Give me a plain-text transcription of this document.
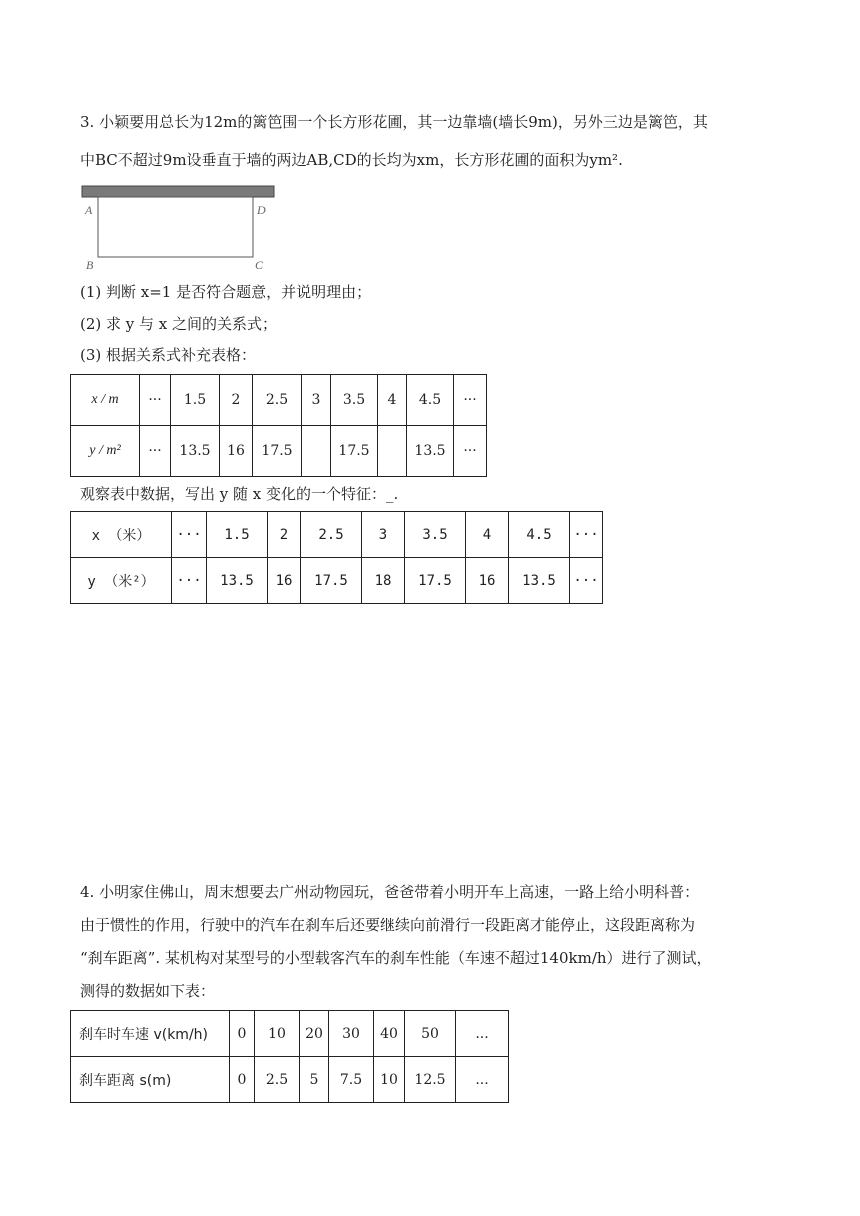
3. 小颖要用总长为12m的篱笆围一个长方形花圃，其一边靠墙(墙长9m)，另外三边是篱笆，其
中BC不超过9m设垂直于墙的两边AB,CD的长均为xm，长方形花圃的面积为ym².
A	D
B	C
(1) 判断 x=1 是否符合题意，并说明理由；
(2) 求 y 与 x 之间的关系式；
(3) 根据关系式补充表格：
x / m	···	1.5	2	2.5	3	3.5	4	4.5	···
y / m²	···	13.5	16	17.5		17.5		13.5	···
观察表中数据，写出 y 随 x 变化的一个特征：_.
x （米）	···	1.5	2	2.5	3	3.5	4	4.5	···
y （米²）	···	13.5	16	17.5	18	17.5	16	13.5	···
4. 小明家住佛山，周末想要去广州动物园玩，爸爸带着小明开车上高速，一路上给小明科普：
由于惯性的作用，行驶中的汽车在刹车后还要继续向前滑行一段距离才能停止，这段距离称为
“刹车距离”. 某机构对某型号的小型载客汽车的刹车性能（车速不超过140km/h）进行了测试，
测得的数据如下表：
刹车时车速 v(km/h)	0	10	20	30	40	50	...
刹车距离 s(m)	0	2.5	5	7.5	10	12.5	...
